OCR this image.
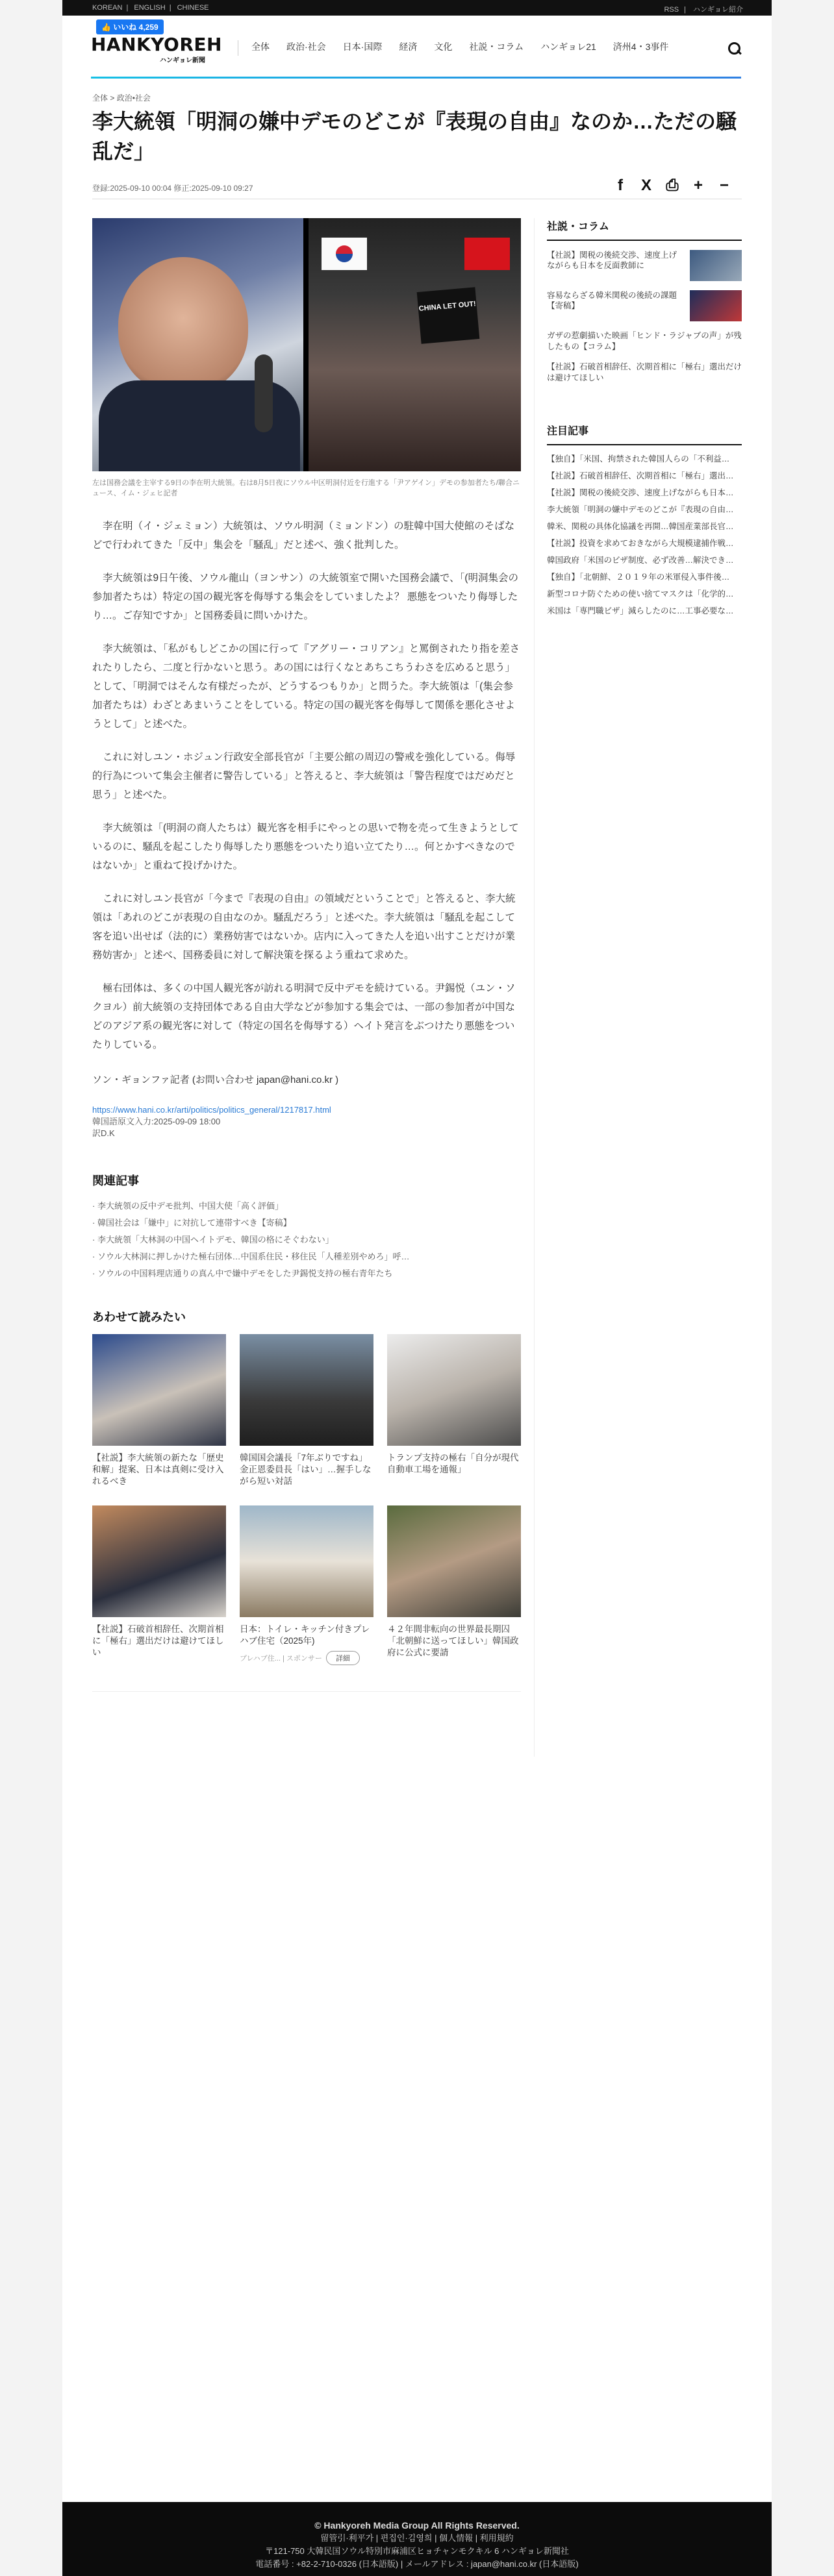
KOREAN | ENGLISH | CHINESE	RSS | ハンギョレ紹介
👍 いいね 4,259
HANKYOREH
ハンギョレ新聞
全体 政治·社会 日本·国際 経済 文化 社説・コラム ハンギョレ21 済州4・3事件
全体 > 政治•社会
李大統領「明洞の嫌中デモのどこが『表現の自由』なのか…ただの騒乱だ」
登録:2025-09-10 00:04 修正:2025-09-10 09:27	f	X ⎙ + −
CHINA LET OUT!
左は国務会議を主宰する9日の李在明大統領。右は8月5日夜にソウル中区明洞付近を行進する「尹アゲイン」デモの参加者たち/聯合ニュース、イム・ジェヒ記者

李在明（イ・ジェミョン）大統領は、ソウル明洞（ミョンドン）の駐韓中国大使館のそばなどで行われてきた「反中」集会を「騒乱」だと述べ、強く批判した。

李大統領は9日午後、ソウル龍山（ヨンサン）の大統領室で開いた国務会議で、「(明洞集会の参加者たちは）特定の国の観光客を侮辱する集会をしていましたよ？ 悪態をついたり侮辱したり…。ご存知ですか」と国務委員に問いかけた。

李大統領は、「私がもしどこかの国に行って『アグリー・コリアン』と罵倒されたり指を差されたりしたら、二度と行かないと思う。あの国には行くなとあちこちうわさを広めると思う」として、「明洞ではそんな有様だったが、どうするつもりか」と問うた。李大統領は「(集会参加者たちは）わざとあまいうことをしている。特定の国の観光客を侮辱して関係を悪化させようとして」と述べた。

これに対しユン・ホジュン行政安全部長官が「主要公館の周辺の警戒を強化している。侮辱的行為について集会主催者に警告している」と答えると、李大統領は「警告程度ではだめだと思う」と述べた。

李大統領は「(明洞の商人たちは）観光客を相手にやっとの思いで物を売って生きようとしているのに、騒乱を起こしたり侮辱したり悪態をついたり追い立てたり…。何とかすべきなのではないか」と重ねて投げかけた。

これに対しユン長官が「今まで『表現の自由』の領域だということで」と答えると、李大統領は「あれのどこが表現の自由なのか。騒乱だろう」と述べた。李大統領は「騒乱を起こして客を追い出せば（法的に）業務妨害ではないか。店内に入ってきた人を追い出すことだけが業務妨害か」と述べ、国務委員に対して解決策を探るよう重ねて求めた。

極右団体は、多くの中国人観光客が訪れる明洞で反中デモを続けている。尹錫悦（ユン・ソクヨル）前大統領の支持団体である自由大学などが参加する集会では、一部の参加者が中国などのアジア系の観光客に対して（特定の国名を侮辱する）ヘイト発言をぶつけたり悪態をついたりしている。

ソン・ギョンファ記者 (お問い合わせ japan@hani.co.kr )
https://www.hani.co.kr/arti/politics/politics_general/1217817.html
韓国語原文入力:2025-09-09 18:00
訳D.K
関連記事
· 李大統領の反中デモ批判、中国大使「高く評価」
· 韓国社会は「嫌中」に対抗して連帯すべき【寄稿】
· 李大統領「大林洞の中国ヘイトデモ、韓国の格にそぐわない」
· ソウル大林洞に押しかけた極右団体…中国系住民・移住民「人種差別やめろ」呼…
· ソウルの中国料理店通りの真ん中で嫌中デモをした尹錫悦支持の極右青年たち
あわせて読みたい
【社説】李大統領の新たな「歴史和解」提案、日本は真剣に受け入れるべき
韓国国会議長「7年ぶりですね」金正恩委員長「はい」…握手しながら短い対話
トランプ支持の極右「自分が現代自動車工場を通報」
【社説】石破首相辞任、次期首相に「極右」選出だけは避けてほしい
日本：トイレ・キッチン付きプレハブ住宅（2025年)
プレハブ住... | スポンサー	詳細
４２年間非転向の世界最長期囚「北朝鮮に送ってほしい」韓国政府に公式に要請
社説・コラム
【社説】関税の後続交渉、速度上げながらも日本を反面教師に
容易ならざる韓米関税の後続の課題【寄稿】
ガザの惹劇描いた映画「ヒンド・ラジャブの声」が残したもの【コラム】
【社説】石破首相辞任、次期首相に「極右」選出だけは避けてほしい
注目記事
【独自】「米国、拘禁された韓国人らの「不利益…
【社説】石破首相辞任、次期首相に「極右」選出…
【社説】関税の後続交渉、速度上げながらも日本…
李大統領「明洞の嫌中デモのどこが『表現の自由…
韓米、関税の具体化協議を再開…韓国産業部長官…
【社説】投資を求めておきながら大規模逮捕作戦…
韓国政府「米国のビザ制度、必ず改善…解決でき…
【独自】「北朝鮮、２０１９年の米軍侵入事件後…
新型コロナ防ぐための使い捨てマスクは「化学的…
米国は「専門職ビザ」減らしたのに…工事必要な…
© Hankyoreh Media Group All Rights Reserved.
留管引·利平가 | 편집인·김영희 | 個人情報 | 利用規約
〒121-750 大韓民国ソウル特別市麻浦区ヒョチャンモクキル 6 ハンギョレ新聞社
電話番号 : +82-2-710-0326 (日本語版) | メールアドレス : japan@hani.co.kr (日本語版)
